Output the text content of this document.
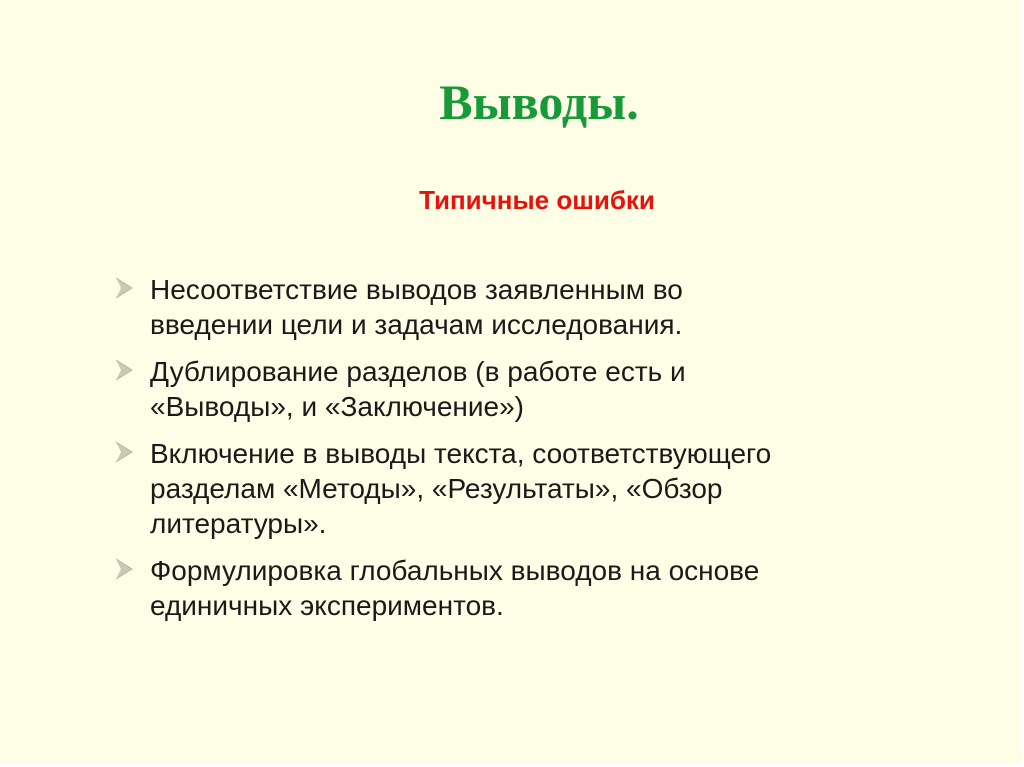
Выводы.
Типичные ошибки
Несоответствие выводов заявленным во
введении цели и задачам исследования.
Дублирование разделов (в работе есть и
«Выводы», и «Заключение»)
Включение в выводы текста, соответствующего
разделам «Методы», «Результаты», «Обзор
литературы».
Формулировка глобальных выводов на основе
единичных экспериментов.
